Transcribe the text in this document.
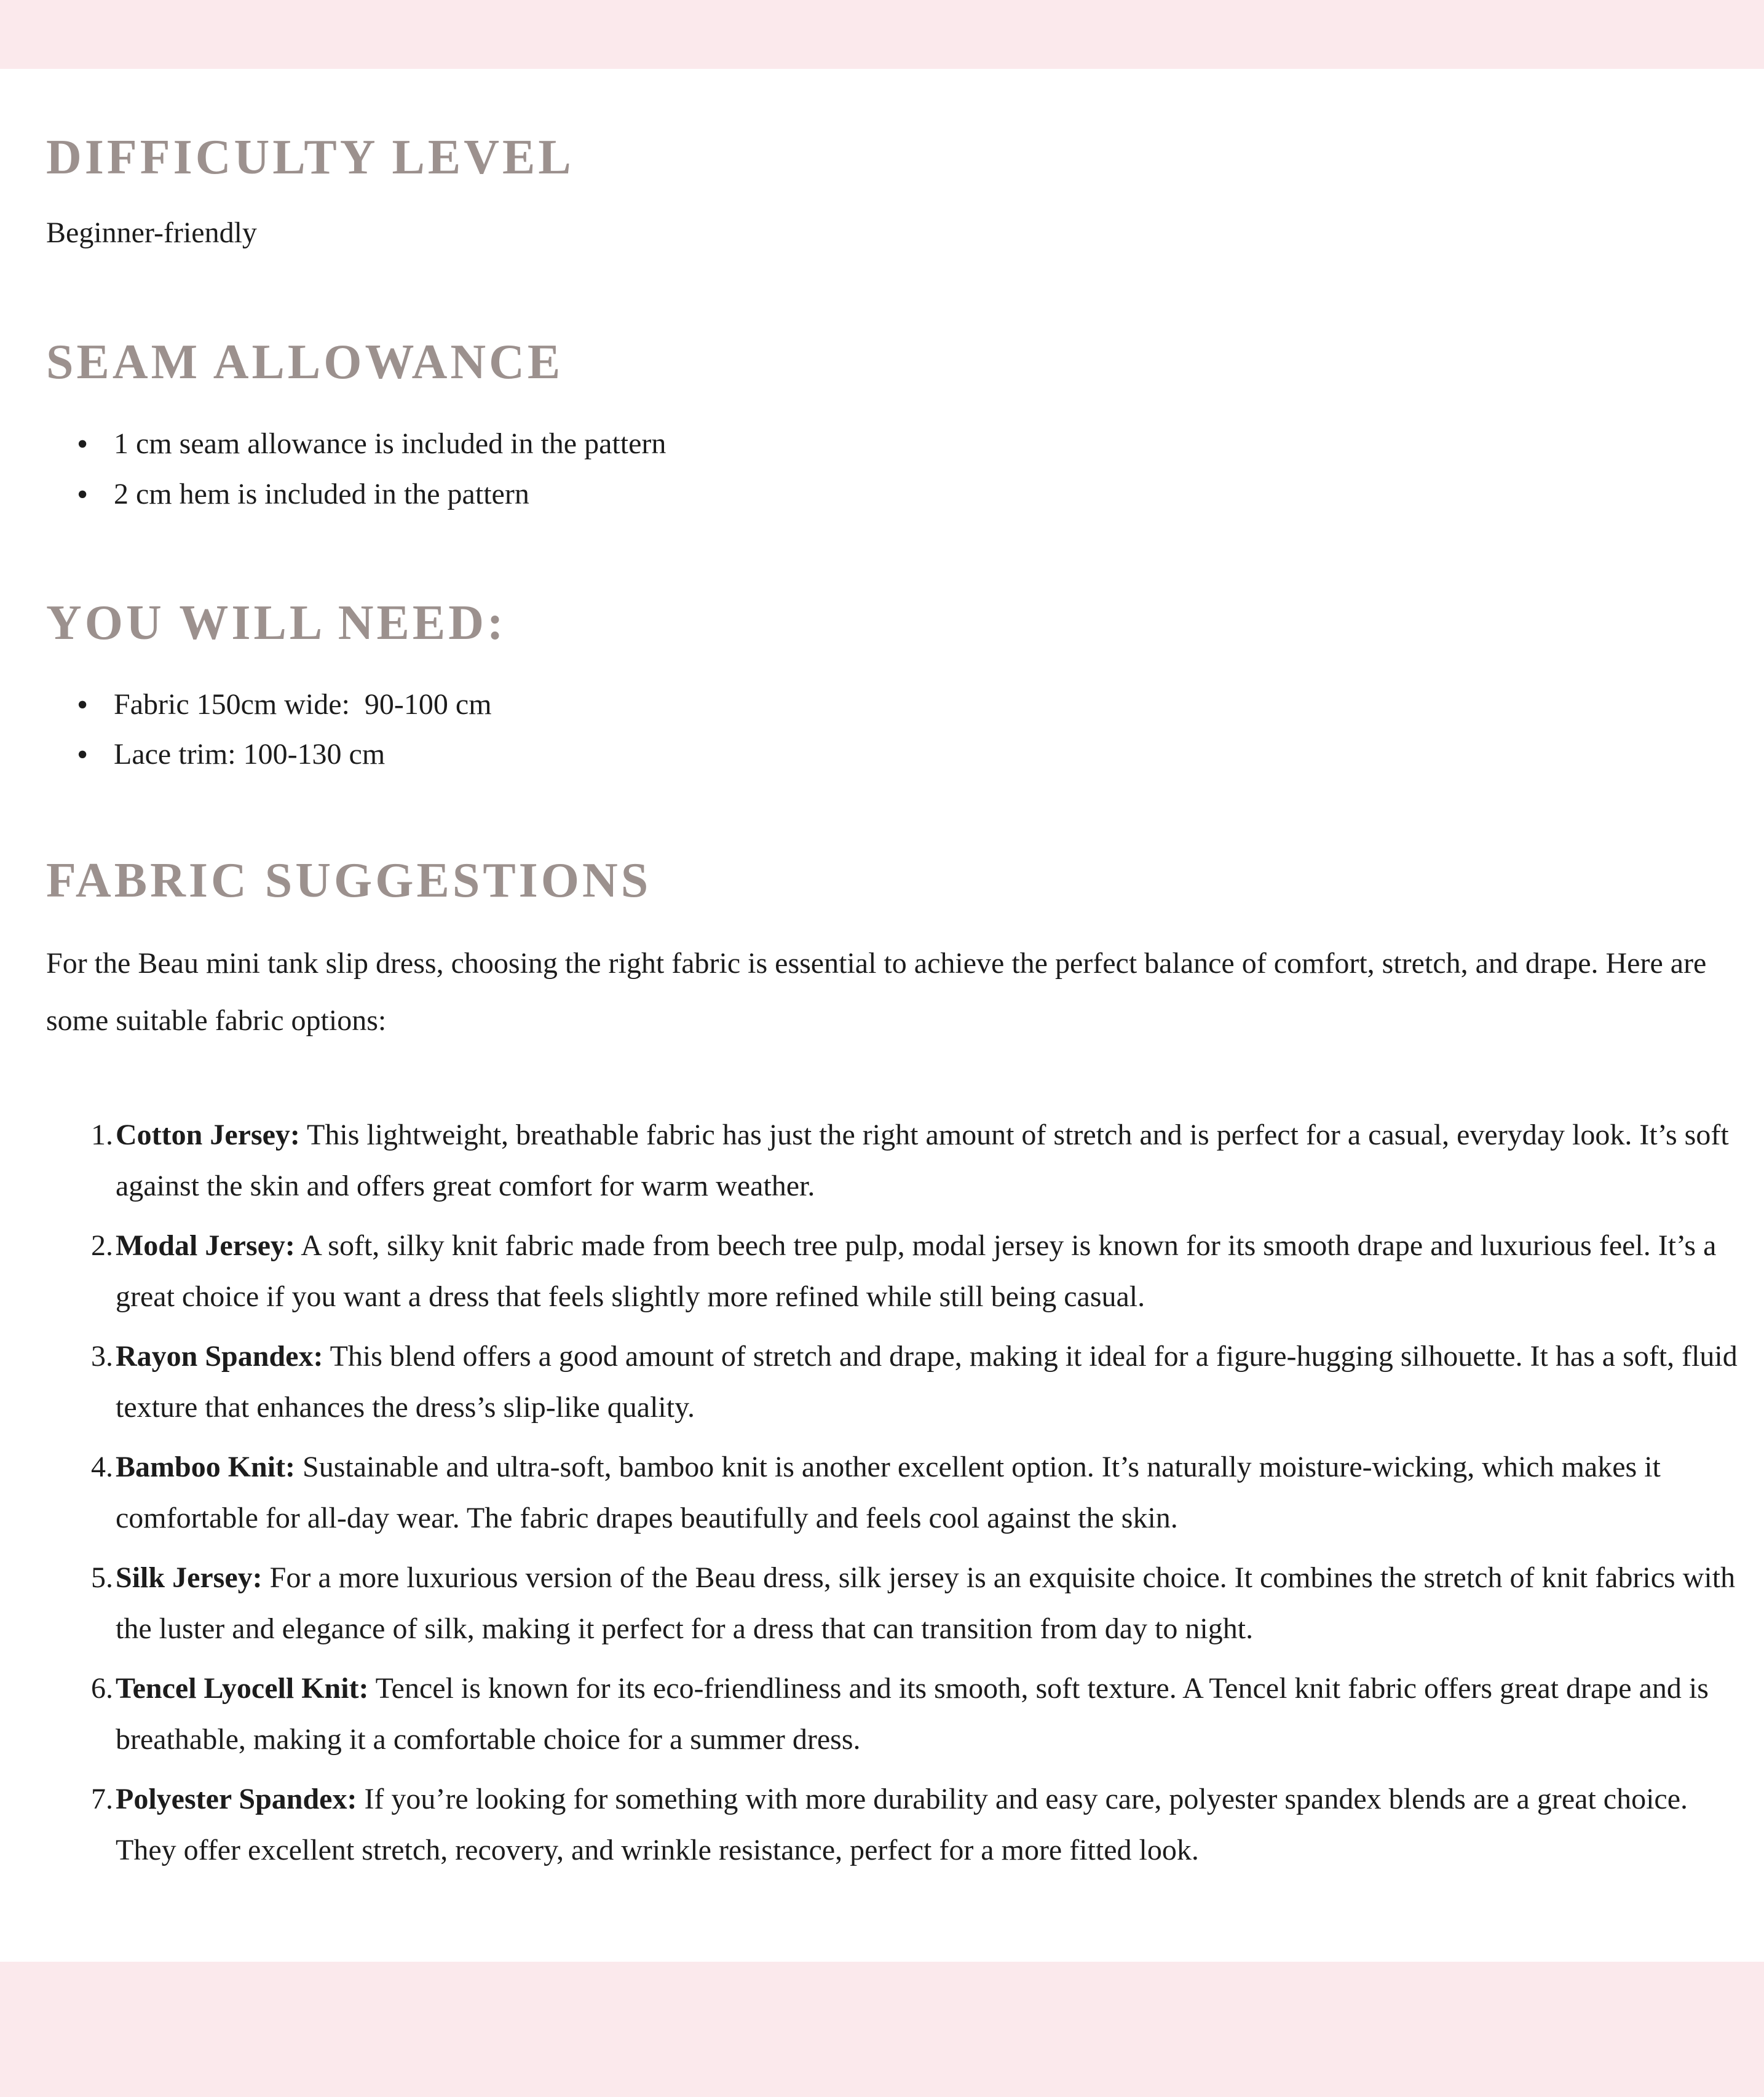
DIFFICULTY LEVEL

Beginner-friendly

SEAM ALLOWANCE
• 1 cm seam allowance is included in the pattern
• 2 cm hem is included in the pattern
YOU WILL NEED:
• Fabric 150cm wide:  90-100 cm
• Lace trim: 100-130 cm
FABRIC SUGGESTIONS

For the Beau mini tank slip dress, choosing the right fabric is essential to achieve the perfect balance of comfort, stretch, and drape. Here are some suitable fabric options:

Cotton Jersey: This lightweight, breathable fabric has just the right amount of stretch and is perfect for a casual, everyday look. It’s soft against the skin and offers great comfort for warm weather.
Modal Jersey: A soft, silky knit fabric made from beech tree pulp, modal jersey is known for its smooth drape and luxurious feel. It’s a great choice if you want a dress that feels slightly more refined while still being casual.
Rayon Spandex: This blend offers a good amount of stretch and drape, making it ideal for a figure-hugging silhouette. It has a soft, fluid texture that enhances the dress’s slip-like quality.
Bamboo Knit: Sustainable and ultra-soft, bamboo knit is another excellent option. It’s naturally moisture-wicking, which makes it comfortable for all-day wear. The fabric drapes beautifully and feels cool against the skin.
Silk Jersey: For a more luxurious version of the Beau dress, silk jersey is an exquisite choice. It combines the stretch of knit fabrics with the luster and elegance of silk, making it perfect for a dress that can transition from day to night.
Tencel Lyocell Knit: Tencel is known for its eco-friendliness and its smooth, soft texture. A Tencel knit fabric offers great drape and is breathable, making it a comfortable choice for a summer dress.
Polyester Spandex: If you’re looking for something with more durability and easy care, polyester spandex blends are a great choice. They offer excellent stretch, recovery, and wrinkle resistance, perfect for a more fitted look.
